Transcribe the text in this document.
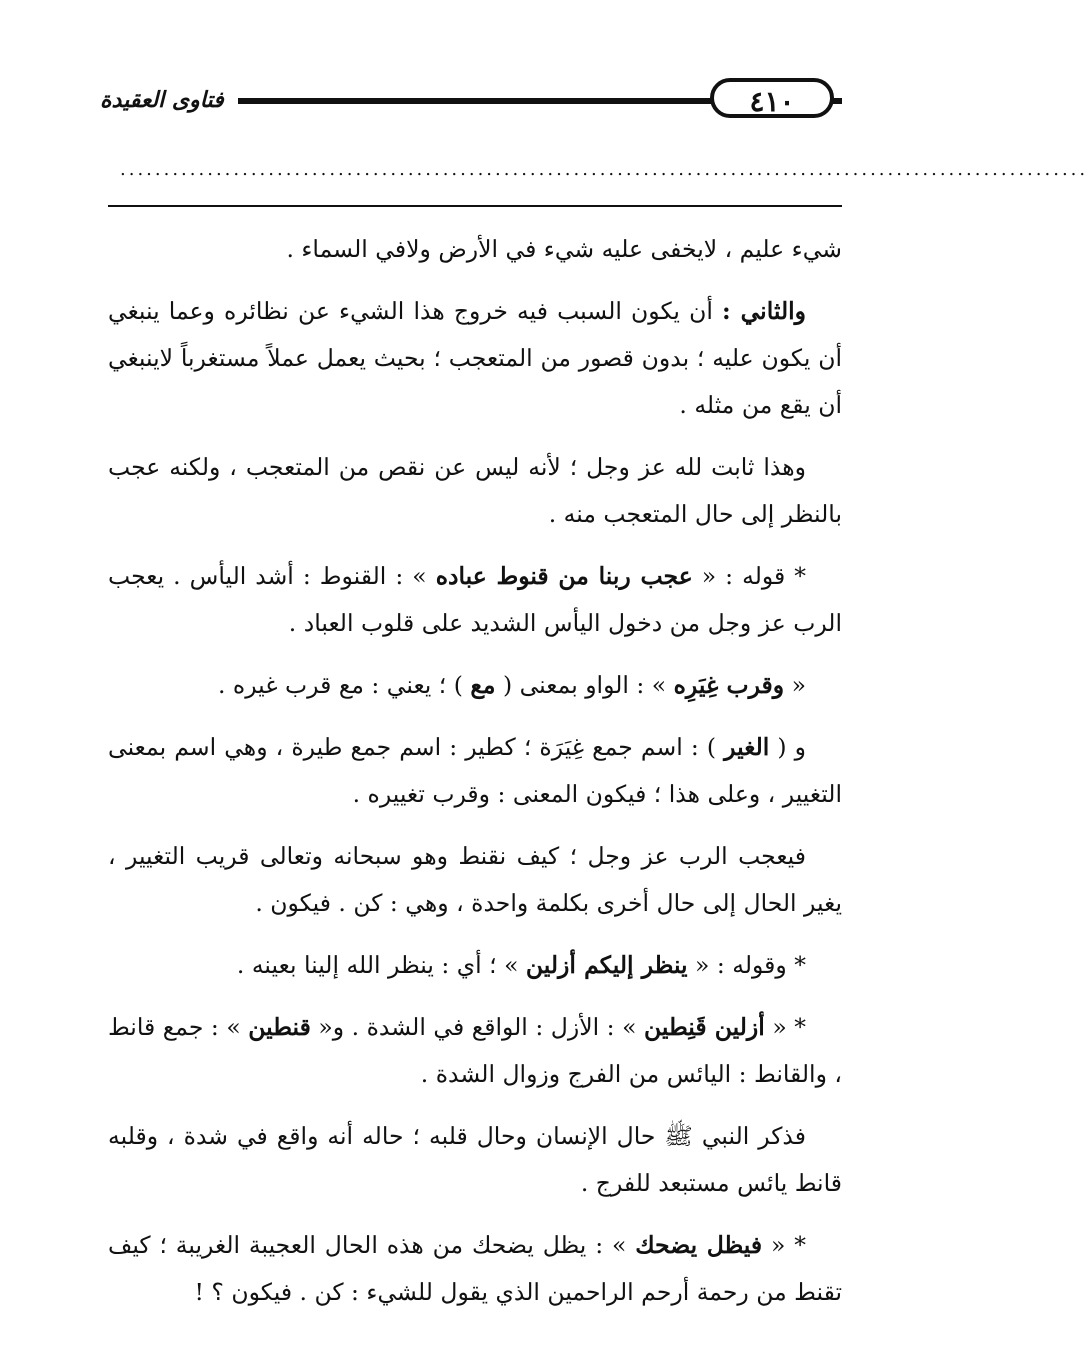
فتاوى العقيدة	٤١٠
...............................................................................................................

شيء عليم ، لايخفى عليه شيء في الأرض ولافي السماء .

والثاني : أن يكون السبب فيه خروج هذا الشيء عن نظائره وعما ينبغي أن يكون عليه ؛ بدون قصور من المتعجب ؛ بحيث يعمل عملاً مستغرباً لاينبغي أن يقع من مثله .

وهذا ثابت لله عز وجل ؛ لأنه ليس عن نقص من المتعجب ، ولكنه عجب بالنظر إلى حال المتعجب منه .

* قوله : « عجب ربنا من قنوط عباده » : القنوط : أشد اليأس . يعجب الرب عز وجل من دخول اليأس الشديد على قلوب العباد .

« وقرب غِيَرِه » : الواو بمعنى ( مع ) ؛ يعني : مع قرب غيره .

و ( الغير ) : اسم جمع غِيَرَة ؛ كطير : اسم جمع طيرة ، وهي اسم بمعنى التغيير ، وعلى هذا ؛ فيكون المعنى : وقرب تغييره .

فيعجب الرب عز وجل ؛ كيف نقنط وهو سبحانه وتعالى قريب التغيير ، يغير الحال إلى حال أخرى بكلمة واحدة ، وهي : كن . فيكون .

* وقوله : « ينظر إليكم أزلين » ؛ أي : ينظر الله إلينا بعينه .

* « أزلين قَنِطين » : الأزل : الواقع في الشدة . و« قنطين » : جمع قانط ، والقانط : اليائس من الفرج وزوال الشدة .

فذكر النبي ﷺ حال الإنسان وحال قلبه ؛ حاله أنه واقع في شدة ، وقلبه قانط يائس مستبعد للفرج .

* « فيظل يضحك » : يظل يضحك من هذه الحال العجيبة الغريبة ؛ كيف تقنط من رحمة أرحم الراحمين الذي يقول للشيء : كن . فيكون ؟ !
